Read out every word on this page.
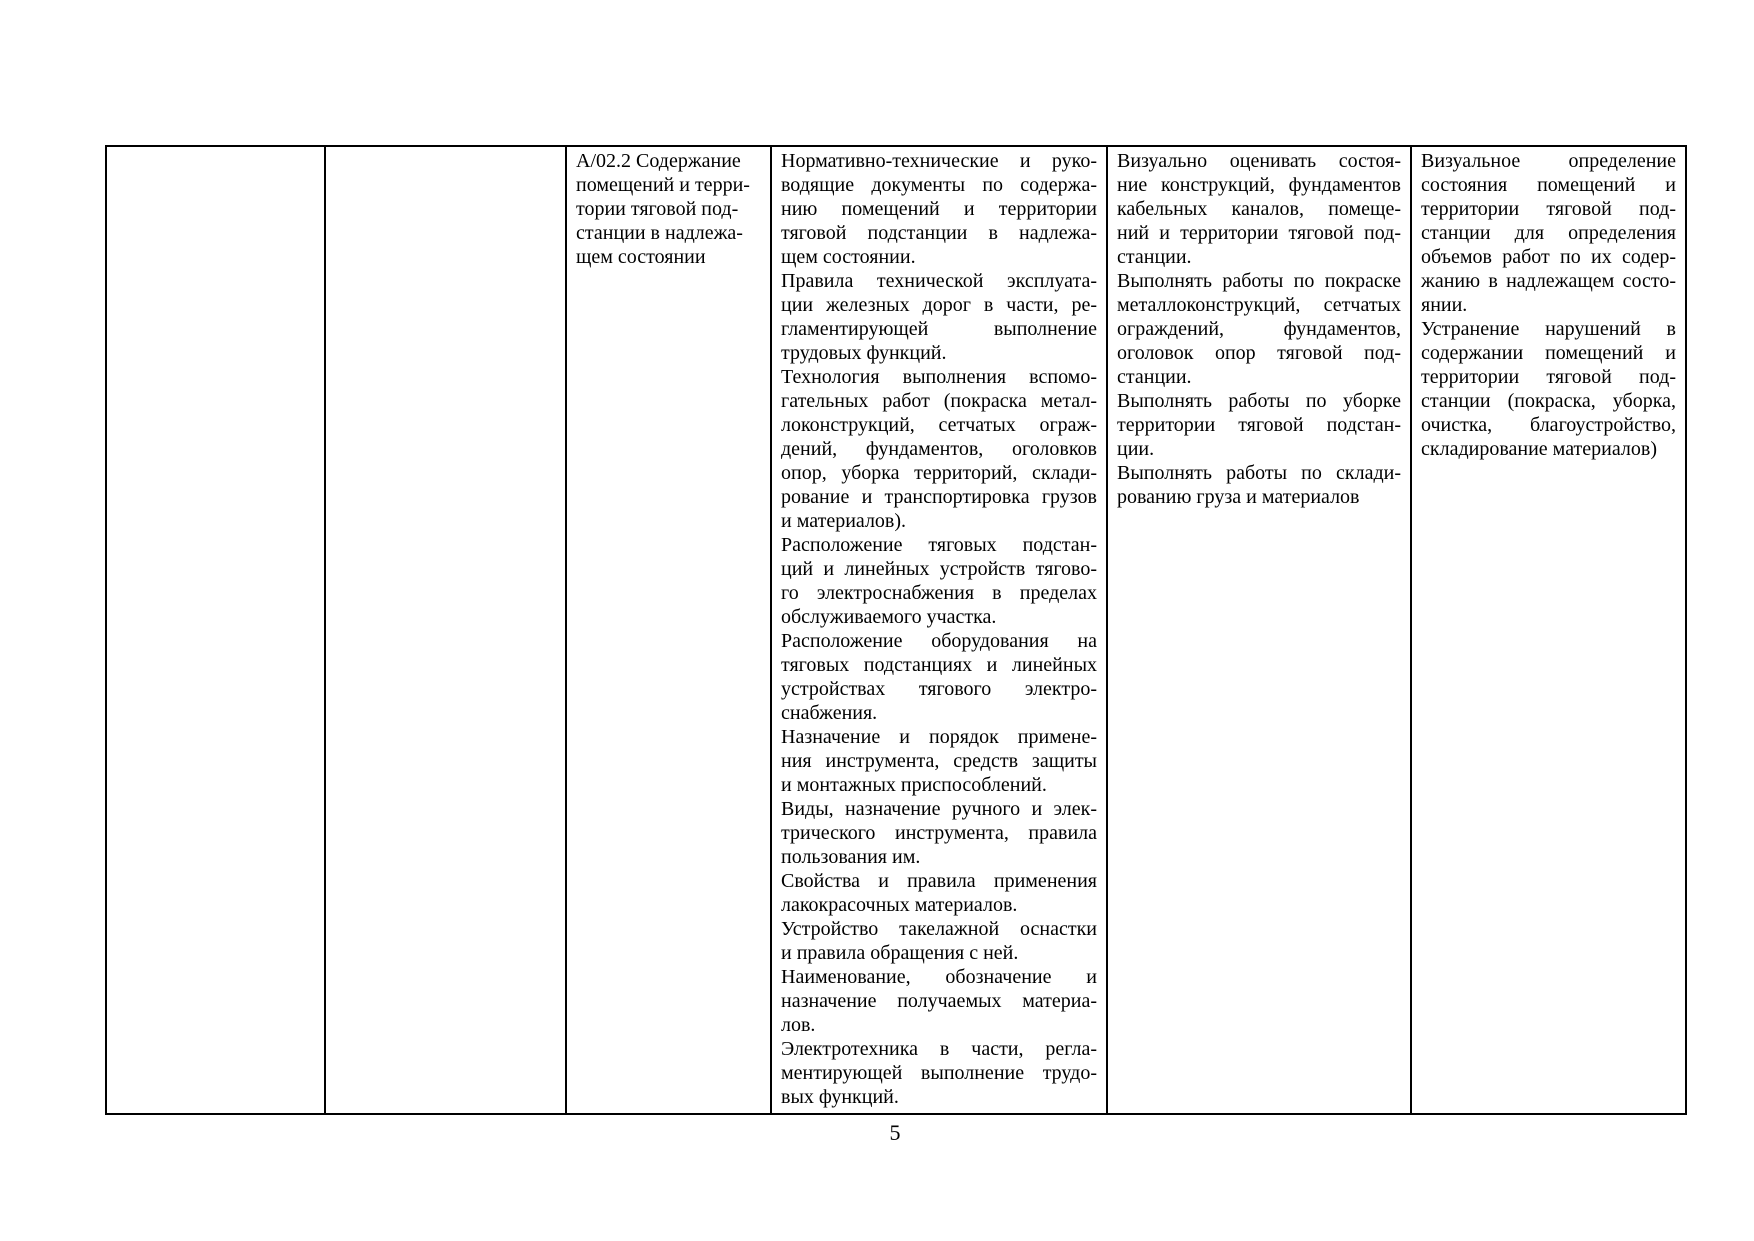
А/02.2 Содержание
помещений и терри-
тории тяговой под-
станции в надлежа-
щем состоянии

Нормативно-технические и руко-
водящие документы по содержа-
нию помещений и территории
тяговой подстанции в надлежа-
щем состоянии.
Правила технической эксплуата-
ции железных дорог в части, ре-
гламентирующей выполнение
трудовых функций.
Технология выполнения вспомо-
гательных работ (покраска метал-
локонструкций, сетчатых ограж-
дений, фундаментов, оголовков
опор, уборка территорий, склади-
рование и транспортировка грузов
и материалов).
Расположение тяговых подстан-
ций и линейных устройств тягово-
го электроснабжения в пределах
обслуживаемого участка.
Расположение оборудования на
тяговых подстанциях и линейных
устройствах тягового электро-
снабжения.
Назначение и порядок примене-
ния инструмента, средств защиты
и монтажных приспособлений.
Виды, назначение ручного и элек-
трического инструмента, правила
пользования им.
Свойства и правила применения
лакокрасочных материалов.
Устройство такелажной оснастки
и правила обращения с ней.
Наименование, обозначение и
назначение получаемых материа-
лов.
Электротехника в части, регла-
ментирующей выполнение трудо-
вых функций.

Визуально оценивать состоя-
ние конструкций, фундаментов
кабельных каналов, помеще-
ний и территории тяговой под-
станции.
Выполнять работы по покраске
металлоконструкций, сетчатых
ограждений, фундаментов,
оголовок опор тяговой под-
станции.
Выполнять работы по уборке
территории тяговой подстан-
ции.
Выполнять работы по склади-
рованию груза и материалов

Визуальное определение
состояния помещений и
территории тяговой под-
станции для определения
объемов работ по их содер-
жанию в надлежащем состо-
янии.
Устранение нарушений в
содержании помещений и
территории тяговой под-
станции (покраска, уборка,
очистка, благоустройство,
складирование материалов)
5
